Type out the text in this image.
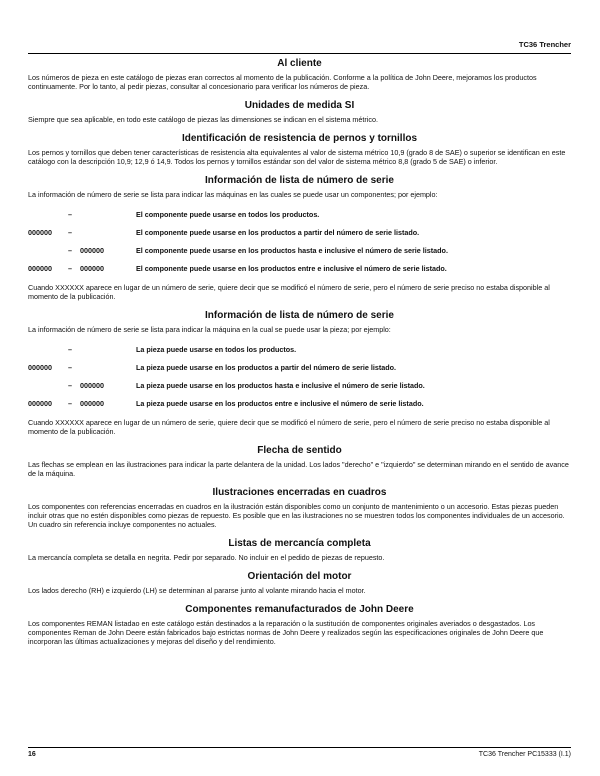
TC36 Trencher
Al cliente

Los números de pieza en este catálogo de piezas eran correctos al momento de la publicación. Conforme a la política de John Deere, mejoramos los productos continuamente. Por lo tanto, al pedir piezas, consultar al concesionario para verificar los números de pieza.

Unidades de medida SI

Siempre que sea aplicable, en todo este catálogo de piezas las dimensiones se indican en el sistema métrico.

Identificación de resistencia de pernos y tornillos

Los pernos y tornillos que deben tener características de resistencia alta equivalentes al valor de sistema métrico 10,9 (grado 8 de SAE) o superior se identifican en este catálogo con la descripción 10,9; 12,9 ó 14,9. Todos los pernos y tornillos estándar son del valor de sistema métrico 8,8 (grado 5 de SAE) o inferior.

Información de lista de número de serie

La información de número de serie se lista para indicar las máquinas en las cuales se puede usar un componentes; por ejemplo:

	–		El componente puede usarse en todos los productos.
000000	–		El componente puede usarse en los productos a partir del número de serie listado.
	–	000000	El componente puede usarse en los productos hasta e inclusive el número de serie listado.
000000	–	000000	El componente puede usarse en los productos entre e inclusive el número de serie listado.

Cuando XXXXXX aparece en lugar de un número de serie, quiere decir que se modificó el número de serie, pero el número de serie preciso no estaba disponible al momento de la publicación.

Información de lista de número de serie

La información de número de serie se lista para indicar la máquina en la cual se puede usar la pieza; por ejemplo:

	–		La pieza puede usarse en todos los productos.
000000	–		La pieza puede usarse en los productos a partir del número de serie listado.
	–	000000	La pieza puede usarse en los productos hasta e inclusive el número de serie listado.
000000	–	000000	La pieza puede usarse en los productos entre e inclusive el número de serie listado.

Cuando XXXXXX aparece en lugar de un número de serie, quiere decir que se modificó el número de serie, pero el número de serie preciso no estaba disponible al momento de la publicación.

Flecha de sentido

Las flechas se emplean en las ilustraciones para indicar la parte delantera de la unidad. Los lados "derecho" e "izquierdo" se determinan mirando en el sentido de avance de la máquina.

Ilustraciones encerradas en cuadros

Los componentes con referencias encerradas en cuadros en la ilustración están disponibles como un conjunto de mantenimiento o un accesorio. Estas piezas pueden incluir otras que no estén disponibles como piezas de repuesto. Es posible que en las ilustraciones no se muestren todos los componentes individuales de un accesorio. Un cuadro sin referencia incluye componentes no actuales.

Listas de mercancía completa

La mercancía completa se detalla en negrita. Pedir por separado. No incluir en el pedido de piezas de repuesto.

Orientación del motor

Los lados derecho (RH) e izquierdo (LH) se determinan al pararse junto al volante mirando hacia el motor.

Componentes remanufacturados de John Deere

Los componentes REMAN listadao en este catálogo están destinados a la reparación o la sustitución de componentes originales averiados o desgastados. Los componentes Reman de John Deere están fabricados bajo estrictas normas de John Deere y realizados según las especificaciones originales de John Deere que incorporan las últimas actualizaciones y mejoras del diseño y del rendimiento.

16	TC36 Trencher PC15333 (I.1)
